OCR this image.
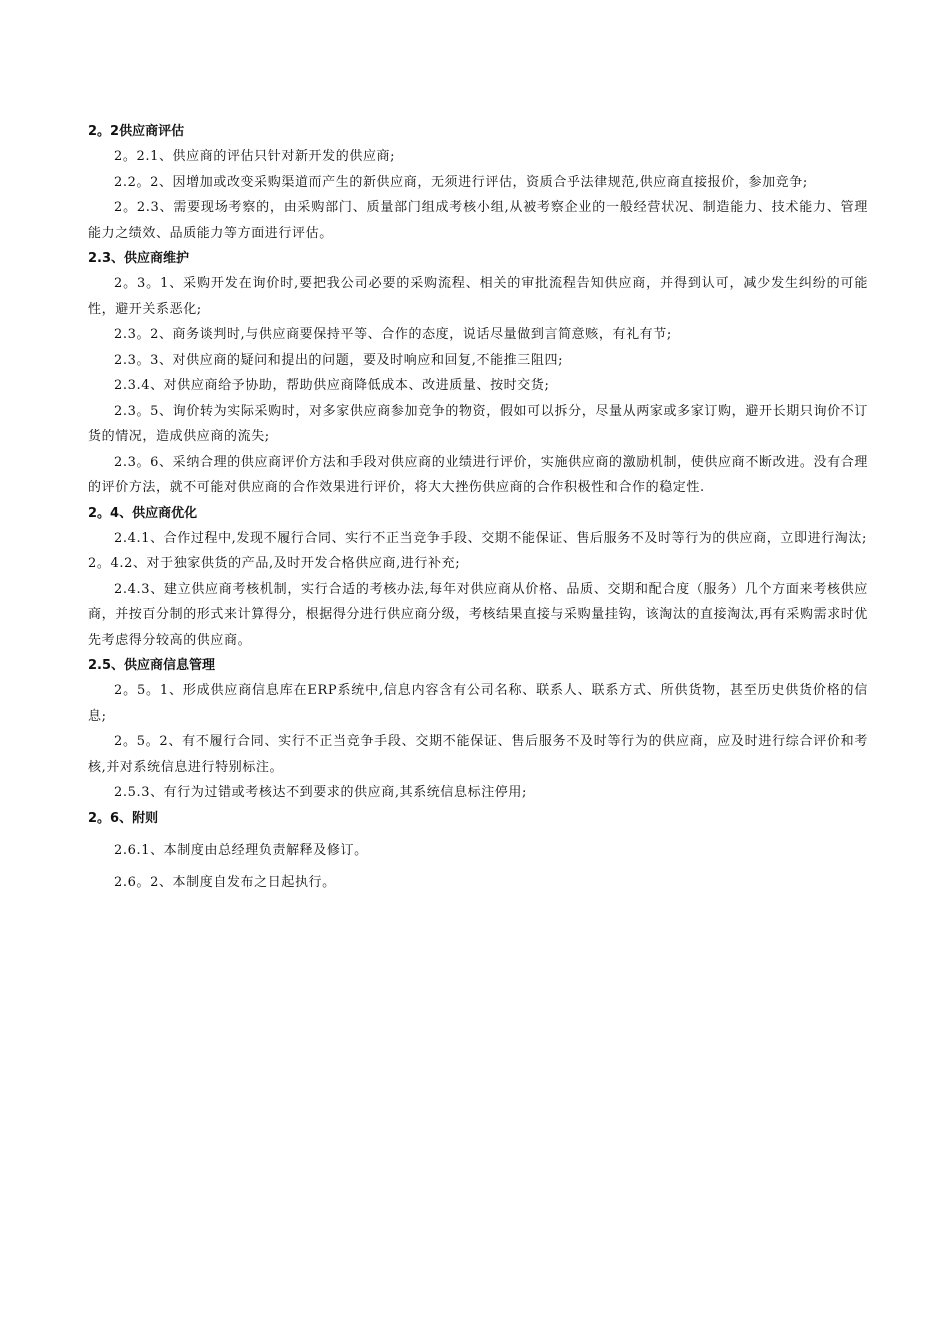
2。2供应商评估

2。2.1、供应商的评估只针对新开发的供应商;

2.2。2、因增加或改变采购渠道而产生的新供应商，无须进行评估，资质合乎法律规范,供应商直接报价，参加竞争;

2。2.3、需要现场考察的，由采购部门、质量部门组成考核小组,从被考察企业的一般经营状况、制造能力、技术能力、管理能力之绩效、品质能力等方面进行评估。

2.3、供应商维护

2。3。1、采购开发在询价时,要把我公司必要的采购流程、相关的审批流程告知供应商，并得到认可，减少发生纠纷的可能性，避开关系恶化;

2.3。2、商务谈判时,与供应商要保持平等、合作的态度，说话尽量做到言简意赅，有礼有节;

2.3。3、对供应商的疑问和提出的问题，要及时响应和回复,不能推三阻四;

2.3.4、对供应商给予协助，帮助供应商降低成本、改进质量、按时交货;

2.3。5、询价转为实际采购时，对多家供应商参加竞争的物资，假如可以拆分，尽量从两家或多家订购，避开长期只询价不订货的情况，造成供应商的流失;

2.3。6、采纳合理的供应商评价方法和手段对供应商的业绩进行评价，实施供应商的激励机制，使供应商不断改进。没有合理的评价方法，就不可能对供应商的合作效果进行评价，将大大挫伤供应商的合作积极性和合作的稳定性.

2。4、供应商优化

2.4.1、合作过程中,发现不履行合同、实行不正当竞争手段、交期不能保证、售后服务不及时等行为的供应商，立即进行淘汰;

2。4.2、对于独家供货的产品,及时开发合格供应商,进行补充;

2.4.3、建立供应商考核机制，实行合适的考核办法,每年对供应商从价格、品质、交期和配合度（服务）几个方面来考核供应商，并按百分制的形式来计算得分，根据得分进行供应商分级，考核结果直接与采购量挂钩，该淘汰的直接淘汰,再有采购需求时优先考虑得分较高的供应商。

2.5、供应商信息管理

2。5。1、形成供应商信息库在ERP系统中,信息内容含有公司名称、联系人、联系方式、所供货物，甚至历史供货价格的信息;

2。5。2、有不履行合同、实行不正当竞争手段、交期不能保证、售后服务不及时等行为的供应商，应及时进行综合评价和考核,并对系统信息进行特别标注。

2.5.3、有行为过错或考核达不到要求的供应商,其系统信息标注停用;

2。6、附则

2.6.1、本制度由总经理负责解释及修订。

2.6。2、本制度自发布之日起执行。
